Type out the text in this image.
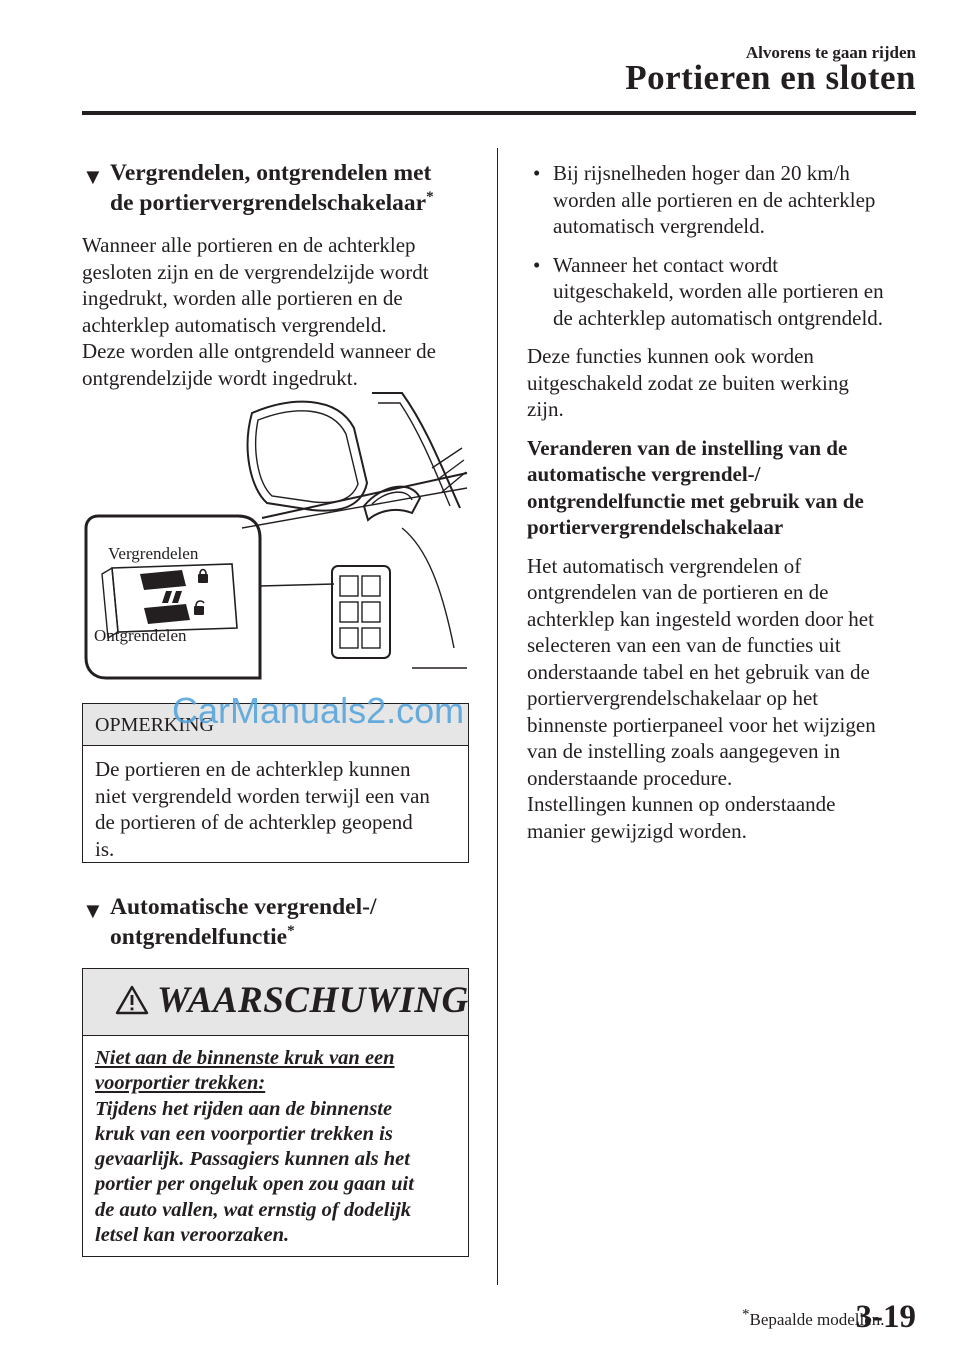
Alvorens te gaan rijden
Portieren en sloten
▼ Vergrendelen, ontgrendelen met
de portiervergrendelschakelaar*
Wanneer alle portieren en de achterklep
gesloten zijn en de vergrendelzijde wordt
ingedrukt, worden alle portieren en de
achterklep automatisch vergrendeld.
Deze worden alle ontgrendeld wanneer de
ontgrendelzijde wordt ingedrukt.
Vergrendelen
Ontgrendelen
OPMERKING
De portieren en de achterklep kunnen
niet vergrendeld worden terwijl een van
de portieren of de achterklep geopend
is.
▼ Automatische vergrendel-/
ontgrendelfunctie*
WAARSCHUWING
Niet aan de binnenste kruk van een
voorportier trekken:
Tijdens het rijden aan de binnenste
kruk van een voorportier trekken is
gevaarlijk. Passagiers kunnen als het
portier per ongeluk open zou gaan uit
de auto vallen, wat ernstig of dodelijk
letsel kan veroorzaken.
• Bij rijsnelheden hoger dan 20 km/h
worden alle portieren en de achterklep
automatisch vergrendeld.
• Wanneer het contact wordt
uitgeschakeld, worden alle portieren en
de achterklep automatisch ontgrendeld.
Deze functies kunnen ook worden
uitgeschakeld zodat ze buiten werking
zijn.
Veranderen van de instelling van de
automatische vergrendel-/
ontgrendelfunctie met gebruik van de
portiervergrendelschakelaar
Het automatisch vergrendelen of
ontgrendelen van de portieren en de
achterklep kan ingesteld worden door het
selecteren van een van de functies uit
onderstaande tabel en het gebruik van de
portiervergrendelschakelaar op het
binnenste portierpaneel voor het wijzigen
van de instelling zoals aangegeven in
onderstaande procedure.
Instellingen kunnen op onderstaande
manier gewijzigd worden.
CarManuals2.com
*Bepaalde modellen.
3-19
